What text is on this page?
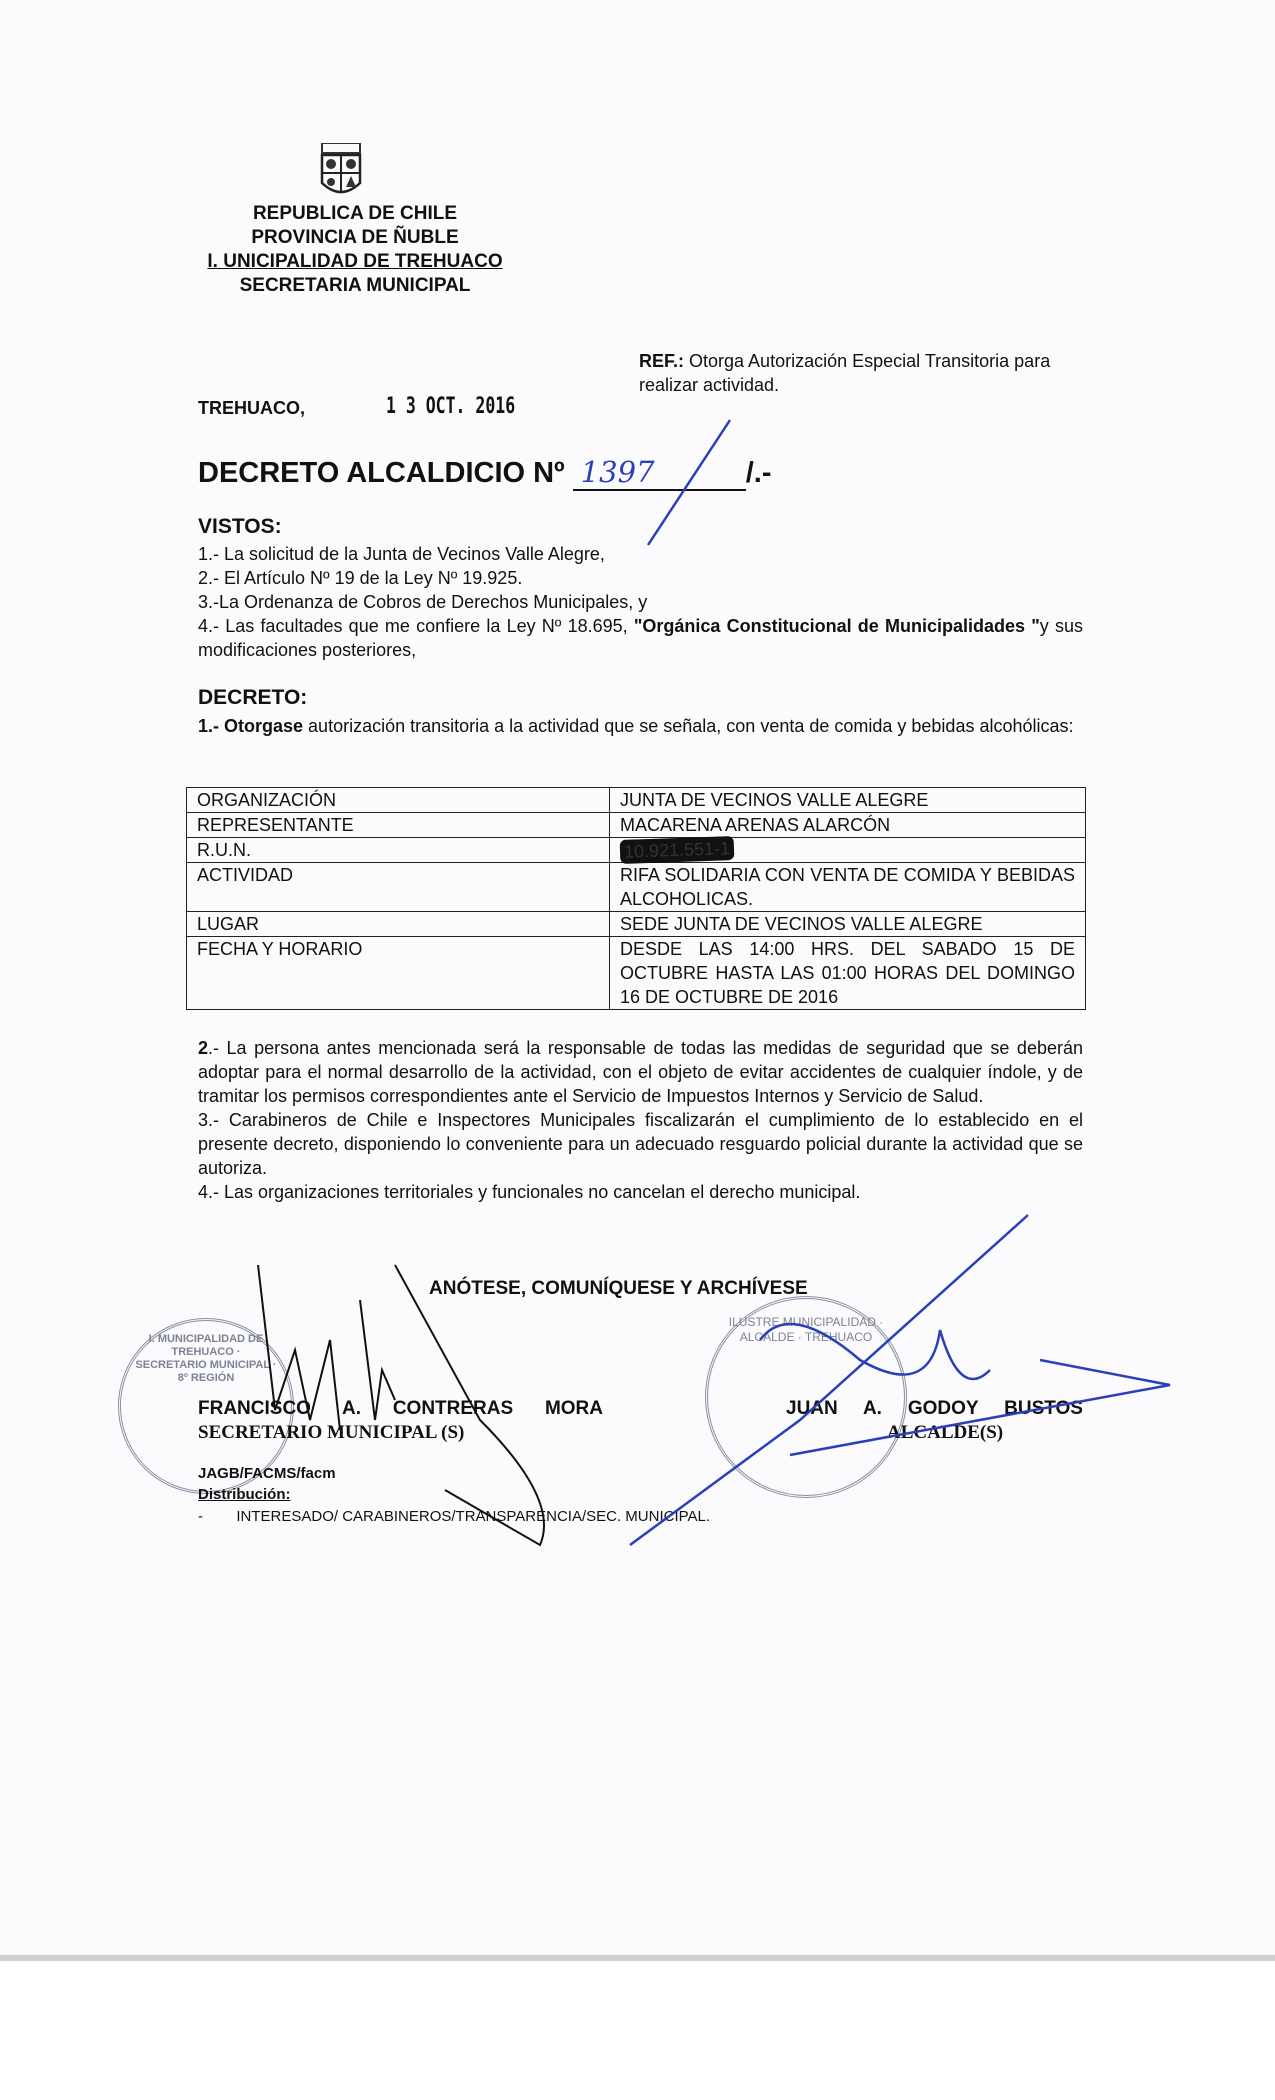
REPUBLICA DE CHILE
PROVINCIA DE ÑUBLE
I. UNICIPALIDAD DE TREHUACO
SECRETARIA MUNICIPAL
REF.: Otorga Autorización Especial Transitoria para realizar actividad.
TREHUACO,	1 3 OCT. 2016
DECRETO ALCALDICIO Nº 1397	/.-
VISTOS:
1.- La solicitud de la Junta de Vecinos Valle Alegre,
2.- El Artículo Nº 19 de la Ley Nº 19.925.
3.-La Ordenanza de Cobros de Derechos Municipales, y
4.- Las facultades que me confiere la Ley Nº 18.695, "Orgánica Constitucional de Municipalidades "y sus modificaciones posteriores,
DECRETO:
1.- Otorgase autorización transitoria a la actividad que se señala, con venta de comida y bebidas alcohólicas:
ORGANIZACIÓN	JUNTA DE VECINOS VALLE ALEGRE
REPRESENTANTE	MACARENA ARENAS ALARCÓN
R.U.N.	10.921.551-1
ACTIVIDAD	RIFA SOLIDARIA CON VENTA DE COMIDA Y BEBIDAS ALCOHOLICAS.
LUGAR	SEDE JUNTA DE VECINOS VALLE ALEGRE
FECHA Y HORARIO	DESDE LAS 14:00 HRS. DEL SABADO 15 DE OCTUBRE HASTA LAS 01:00 HORAS DEL DOMINGO 16 DE OCTUBRE DE 2016
2.- La persona antes mencionada será la responsable de todas las medidas de seguridad que se deberán adoptar para el normal desarrollo de la actividad, con el objeto de evitar accidentes de cualquier índole, y de tramitar los permisos correspondientes ante el Servicio de Impuestos Internos y Servicio de Salud.
3.- Carabineros de Chile e Inspectores Municipales fiscalizarán el cumplimiento de lo establecido en el presente decreto, disponiendo lo conveniente para un adecuado resguardo policial durante la actividad que se autoriza.
4.- Las organizaciones territoriales y funcionales no cancelan el derecho municipal.
ANÓTESE, COMUNÍQUESE Y ARCHÍVESE
I. MUNICIPALIDAD DE TREHUACO · SECRETARIO MUNICIPAL · 8º REGIÓN
ILUSTRE MUNICIPALIDAD · ALCALDE · TREHUACO
FRANCISCO A. CONTRERAS MORA
SECRETARIO MUNICIPAL (S)
JUAN A. GODOY BUSTOS
ALCALDE(S)
JAGB/FACMS/facm
Distribución:
-        INTERESADO/ CARABINEROS/TRANSPARENCIA/SEC. MUNICIPAL.
